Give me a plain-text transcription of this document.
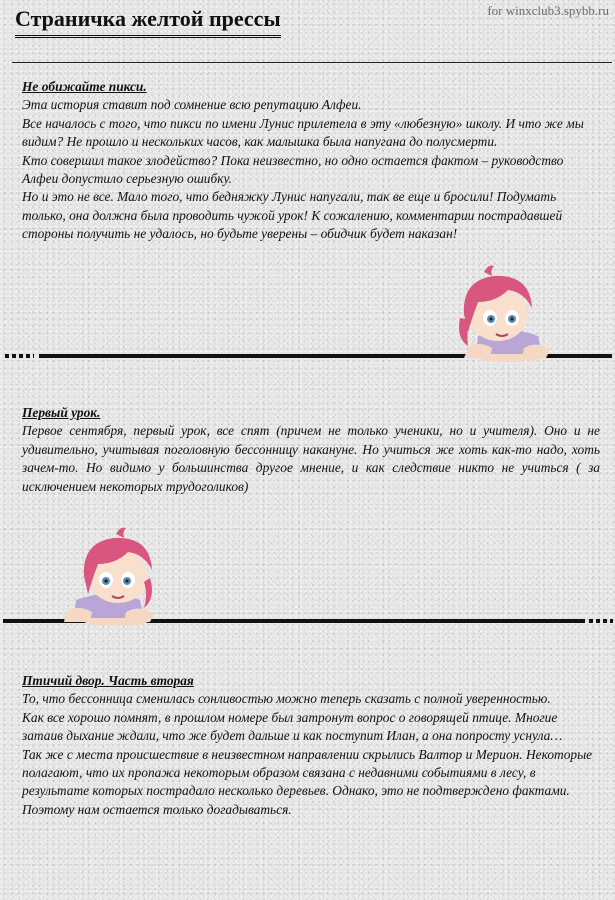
Страничка желтой прессы	for winxclub3.spybb.ru
Не обижайте пикси.

Эта история ставит под сомнение всю репутацию Алфеи.

Все началось с того, что пикси по имени Лунис прилетела в эту «любезную» школу. И что же мы видим? Не прошло и нескольких часов, как малышка была напугана до полусмерти.

Кто совершил такое злодейство? Пока неизвестно, но одно остается фактом – руководство Алфеи допустило серьезную ошибку.

Но и это не все. Мало того, что бедняжку Лунис напугали, так ве еще и бросили! Подумать только, она должна была проводить чужой урок! К сожалению, комментарии пострадавшей стороны получить не удалось, но будьте уверены – обидчик будет наказан!

Первый урок.

Первое сентября, первый урок, все спят (причем не только ученики, но и учителя). Оно и не удивительно, учитывая поголовную бессонницу накануне. Но учиться же хоть как-то надо, хоть зачем-то. Но видимо у большинства другое мнение, и как следствие никто не учиться ( за исключением некоторых трудоголиков)

Птичий двор. Часть вторая

То, что бессонница сменилась сонливостью можно теперь сказать с полной уверенностью.

Как все хорошо помнят, в прошлом номере был затронут вопрос о говорящей птице. Многие затаив дыхание ждали, что же будет дальше и как поступит Илан, а она попросту уснула…

Так же с места происшествие в неизвестном направлении скрылись Валтор и Мерион. Некоторые полагают, что их пропажа некоторым образом связана с недавними событиями в лесу, в результате которых пострадало несколько деревьев. Однако, это не подтверждено фактами. Поэтому нам остается только догадываться.
